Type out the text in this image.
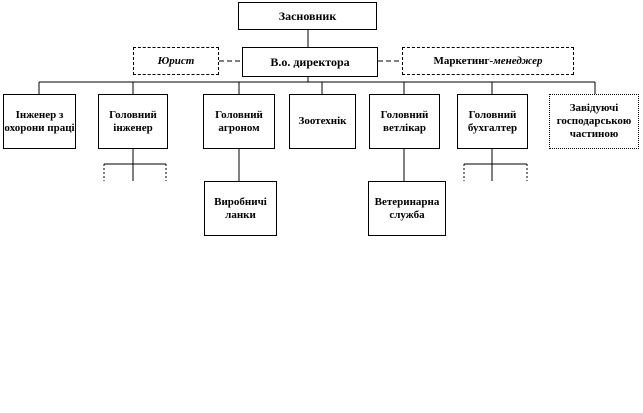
Засновник
В.о. директора
Юрист	Маркетинг-менеджер
Інженер з охорони праці
Головний інженер
Головний агроном
Зоотехнік
Головний ветлікар
Головний бухгалтер
Завідуючі господарською частиною
Виробничі ланки
Ветеринарна служба
